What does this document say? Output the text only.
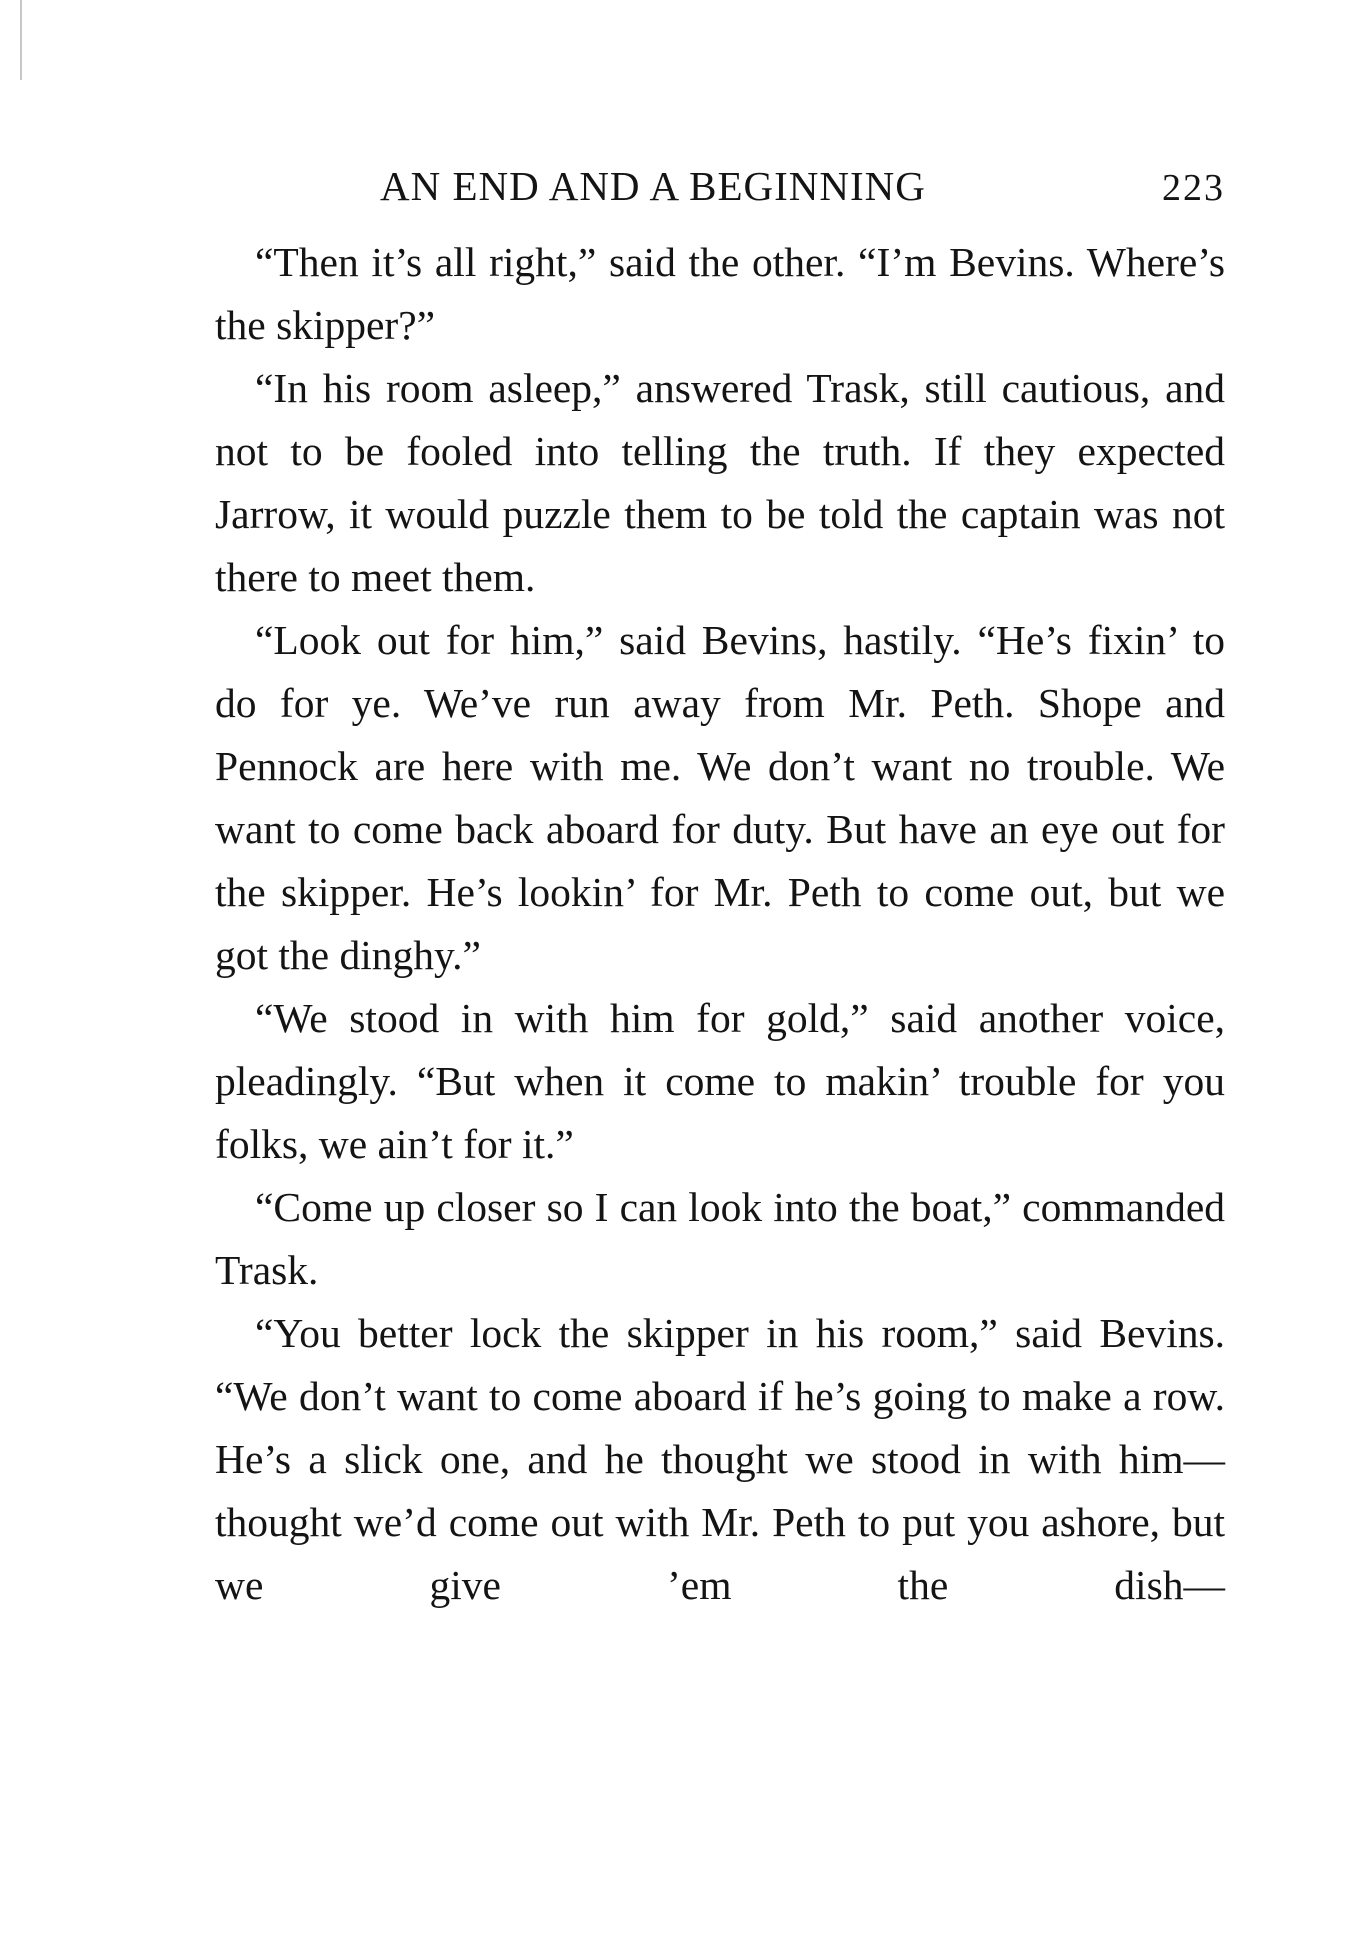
AN END AND A BEGINNING	223

“Then it’s all right,” said the other. “I’m Bevins. Where’s the skipper?”

“In his room asleep,” answered Trask, still cautious, and not to be fooled into telling the truth. If they expected Jarrow, it would puzzle them to be told the captain was not there to meet them.

“Look out for him,” said Bevins, hastily. “He’s fixin’ to do for ye. We’ve run away from Mr. Peth. Shope and Pennock are here with me. We don’t want no trouble. We want to come back aboard for duty. But have an eye out for the skipper. He’s lookin’ for Mr. Peth to come out, but we got the dinghy.”

“We stood in with him for gold,” said another voice, pleadingly. “But when it come to makin’ trouble for you folks, we ain’t for it.”

“Come up closer so I can look into the boat,” commanded Trask.

“You better lock the skipper in his room,” said Bevins. “We don’t want to come aboard if he’s going to make a row. He’s a slick one, and he thought we stood in with him—thought we’d come out with Mr. Peth to put you ashore, but we give ’em the dish—
